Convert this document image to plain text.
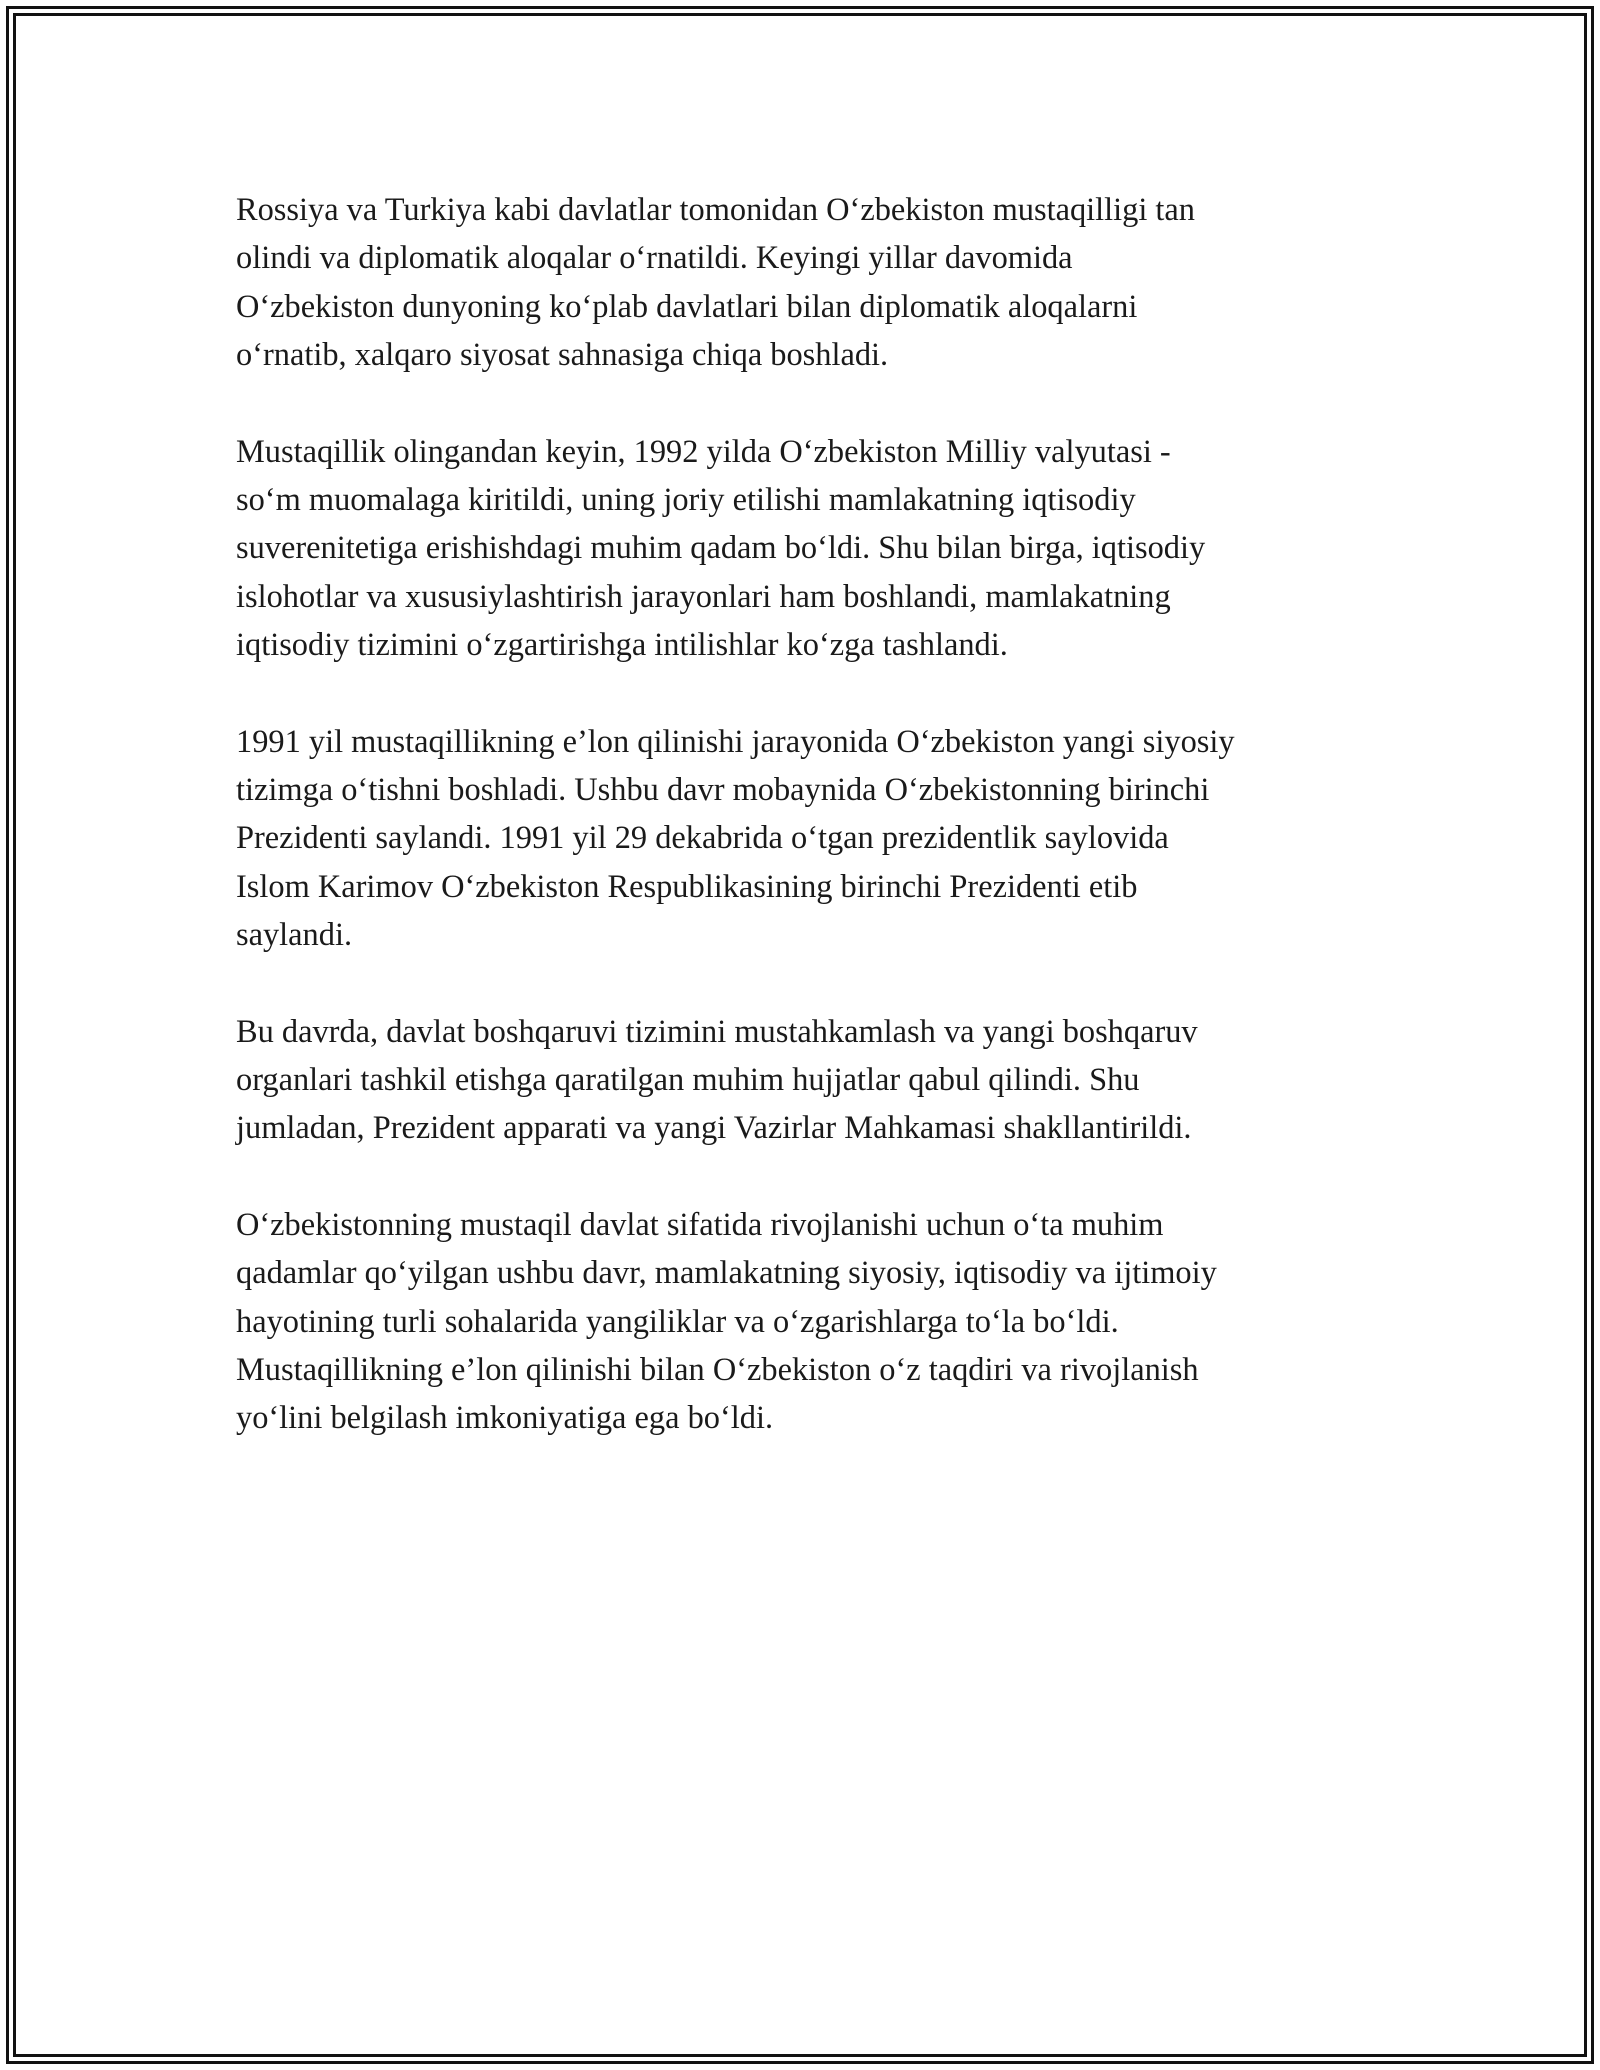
Rossiya va Turkiya kabi davlatlar tomonidan O‘zbekiston mustaqilligi tan
olindi va diplomatik aloqalar o‘rnatildi. Keyingi yillar davomida
O‘zbekiston dunyoning ko‘plab davlatlari bilan diplomatik aloqalarni
o‘rnatib, xalqaro siyosat sahnasiga chiqa boshladi.

Mustaqillik olingandan keyin, 1992 yilda O‘zbekiston Milliy valyutasi -
so‘m muomalaga kiritildi, uning joriy etilishi mamlakatning iqtisodiy
suverenitetiga erishishdagi muhim qadam bo‘ldi. Shu bilan birga, iqtisodiy
islohotlar va xususiylashtirish jarayonlari ham boshlandi, mamlakatning
iqtisodiy tizimini o‘zgartirishga intilishlar ko‘zga tashlandi.

1991 yil mustaqillikning e’lon qilinishi jarayonida O‘zbekiston yangi siyosiy
tizimga o‘tishni boshladi. Ushbu davr mobaynida O‘zbekistonning birinchi
Prezidenti saylandi. 1991 yil 29 dekabrida o‘tgan prezidentlik saylovida
Islom Karimov O‘zbekiston Respublikasining birinchi Prezidenti etib
saylandi.

Bu davrda, davlat boshqaruvi tizimini mustahkamlash va yangi boshqaruv
organlari tashkil etishga qaratilgan muhim hujjatlar qabul qilindi. Shu
jumladan, Prezident apparati va yangi Vazirlar Mahkamasi shakllantirildi.

O‘zbekistonning mustaqil davlat sifatida rivojlanishi uchun o‘ta muhim
qadamlar qo‘yilgan ushbu davr, mamlakatning siyosiy, iqtisodiy va ijtimoiy
hayotining turli sohalarida yangiliklar va o‘zgarishlarga to‘la bo‘ldi.
Mustaqillikning e’lon qilinishi bilan O‘zbekiston o‘z taqdiri va rivojlanish
yo‘lini belgilash imkoniyatiga ega bo‘ldi.
